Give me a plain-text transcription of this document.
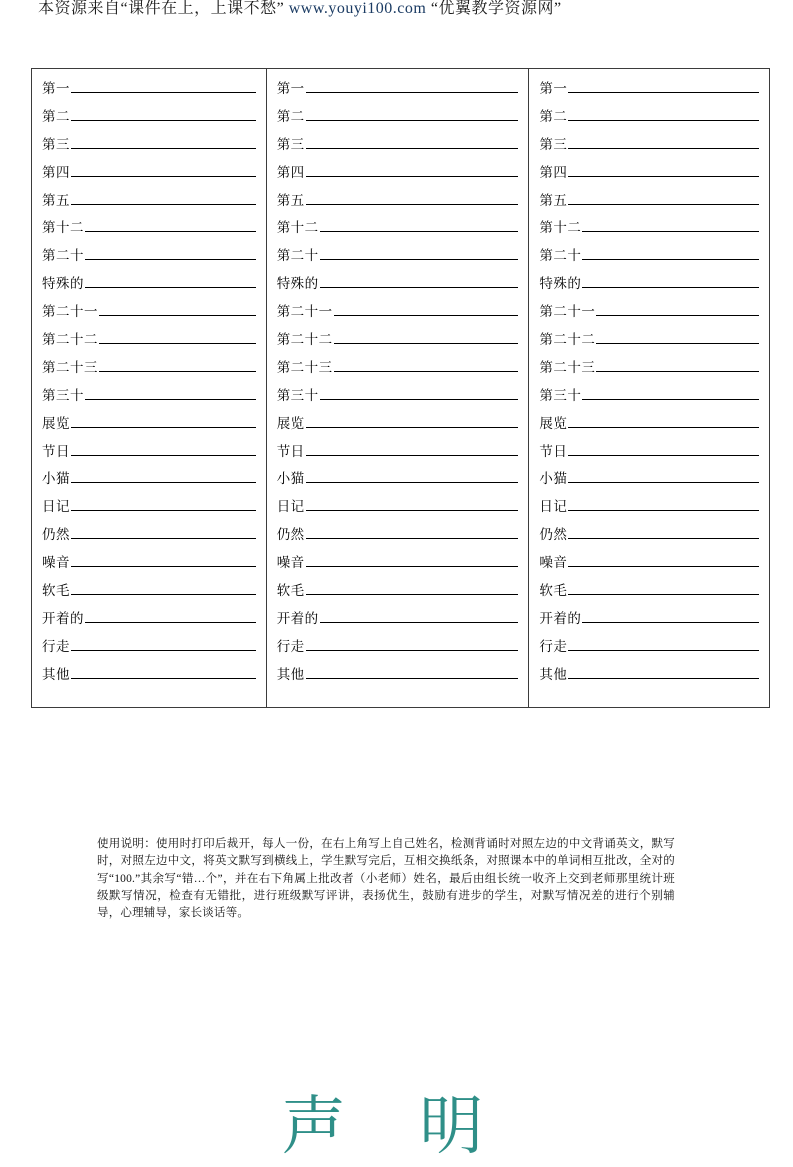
本资源来自“课件在上，上课不愁” www.youyi100.com “优翼教学资源网”
第一
第二
第三
第四
第五
第十二
第二十
特殊的
第二十一
第二十二
第二十三
第三十
展览
节日
小猫
日记
仍然
噪音
软毛
开着的
行走
其他
第一
第二
第三
第四
第五
第十二
第二十
特殊的
第二十一
第二十二
第二十三
第三十
展览
节日
小猫
日记
仍然
噪音
软毛
开着的
行走
其他
第一
第二
第三
第四
第五
第十二
第二十
特殊的
第二十一
第二十二
第二十三
第三十
展览
节日
小猫
日记
仍然
噪音
软毛
开着的
行走
其他
使用说明：使用时打印后裁开，每人一份，在右上角写上自己姓名，检测背诵时对照左边的中文背诵英文，默写时，对照左边中文，将英文默写到横线上，学生默写完后，互相交换纸条，对照课本中的单词相互批改，全对的写“100.”其余写“错…个”，并在右下角属上批改者（小老师）姓名，最后由组长统一收齐上交到老师那里统计班级默写情况，检查有无错批，进行班级默写评讲，表扬优生，鼓励有进步的学生，对默写情况差的进行个别辅导，心理辅导，家长谈话等。
声 明
